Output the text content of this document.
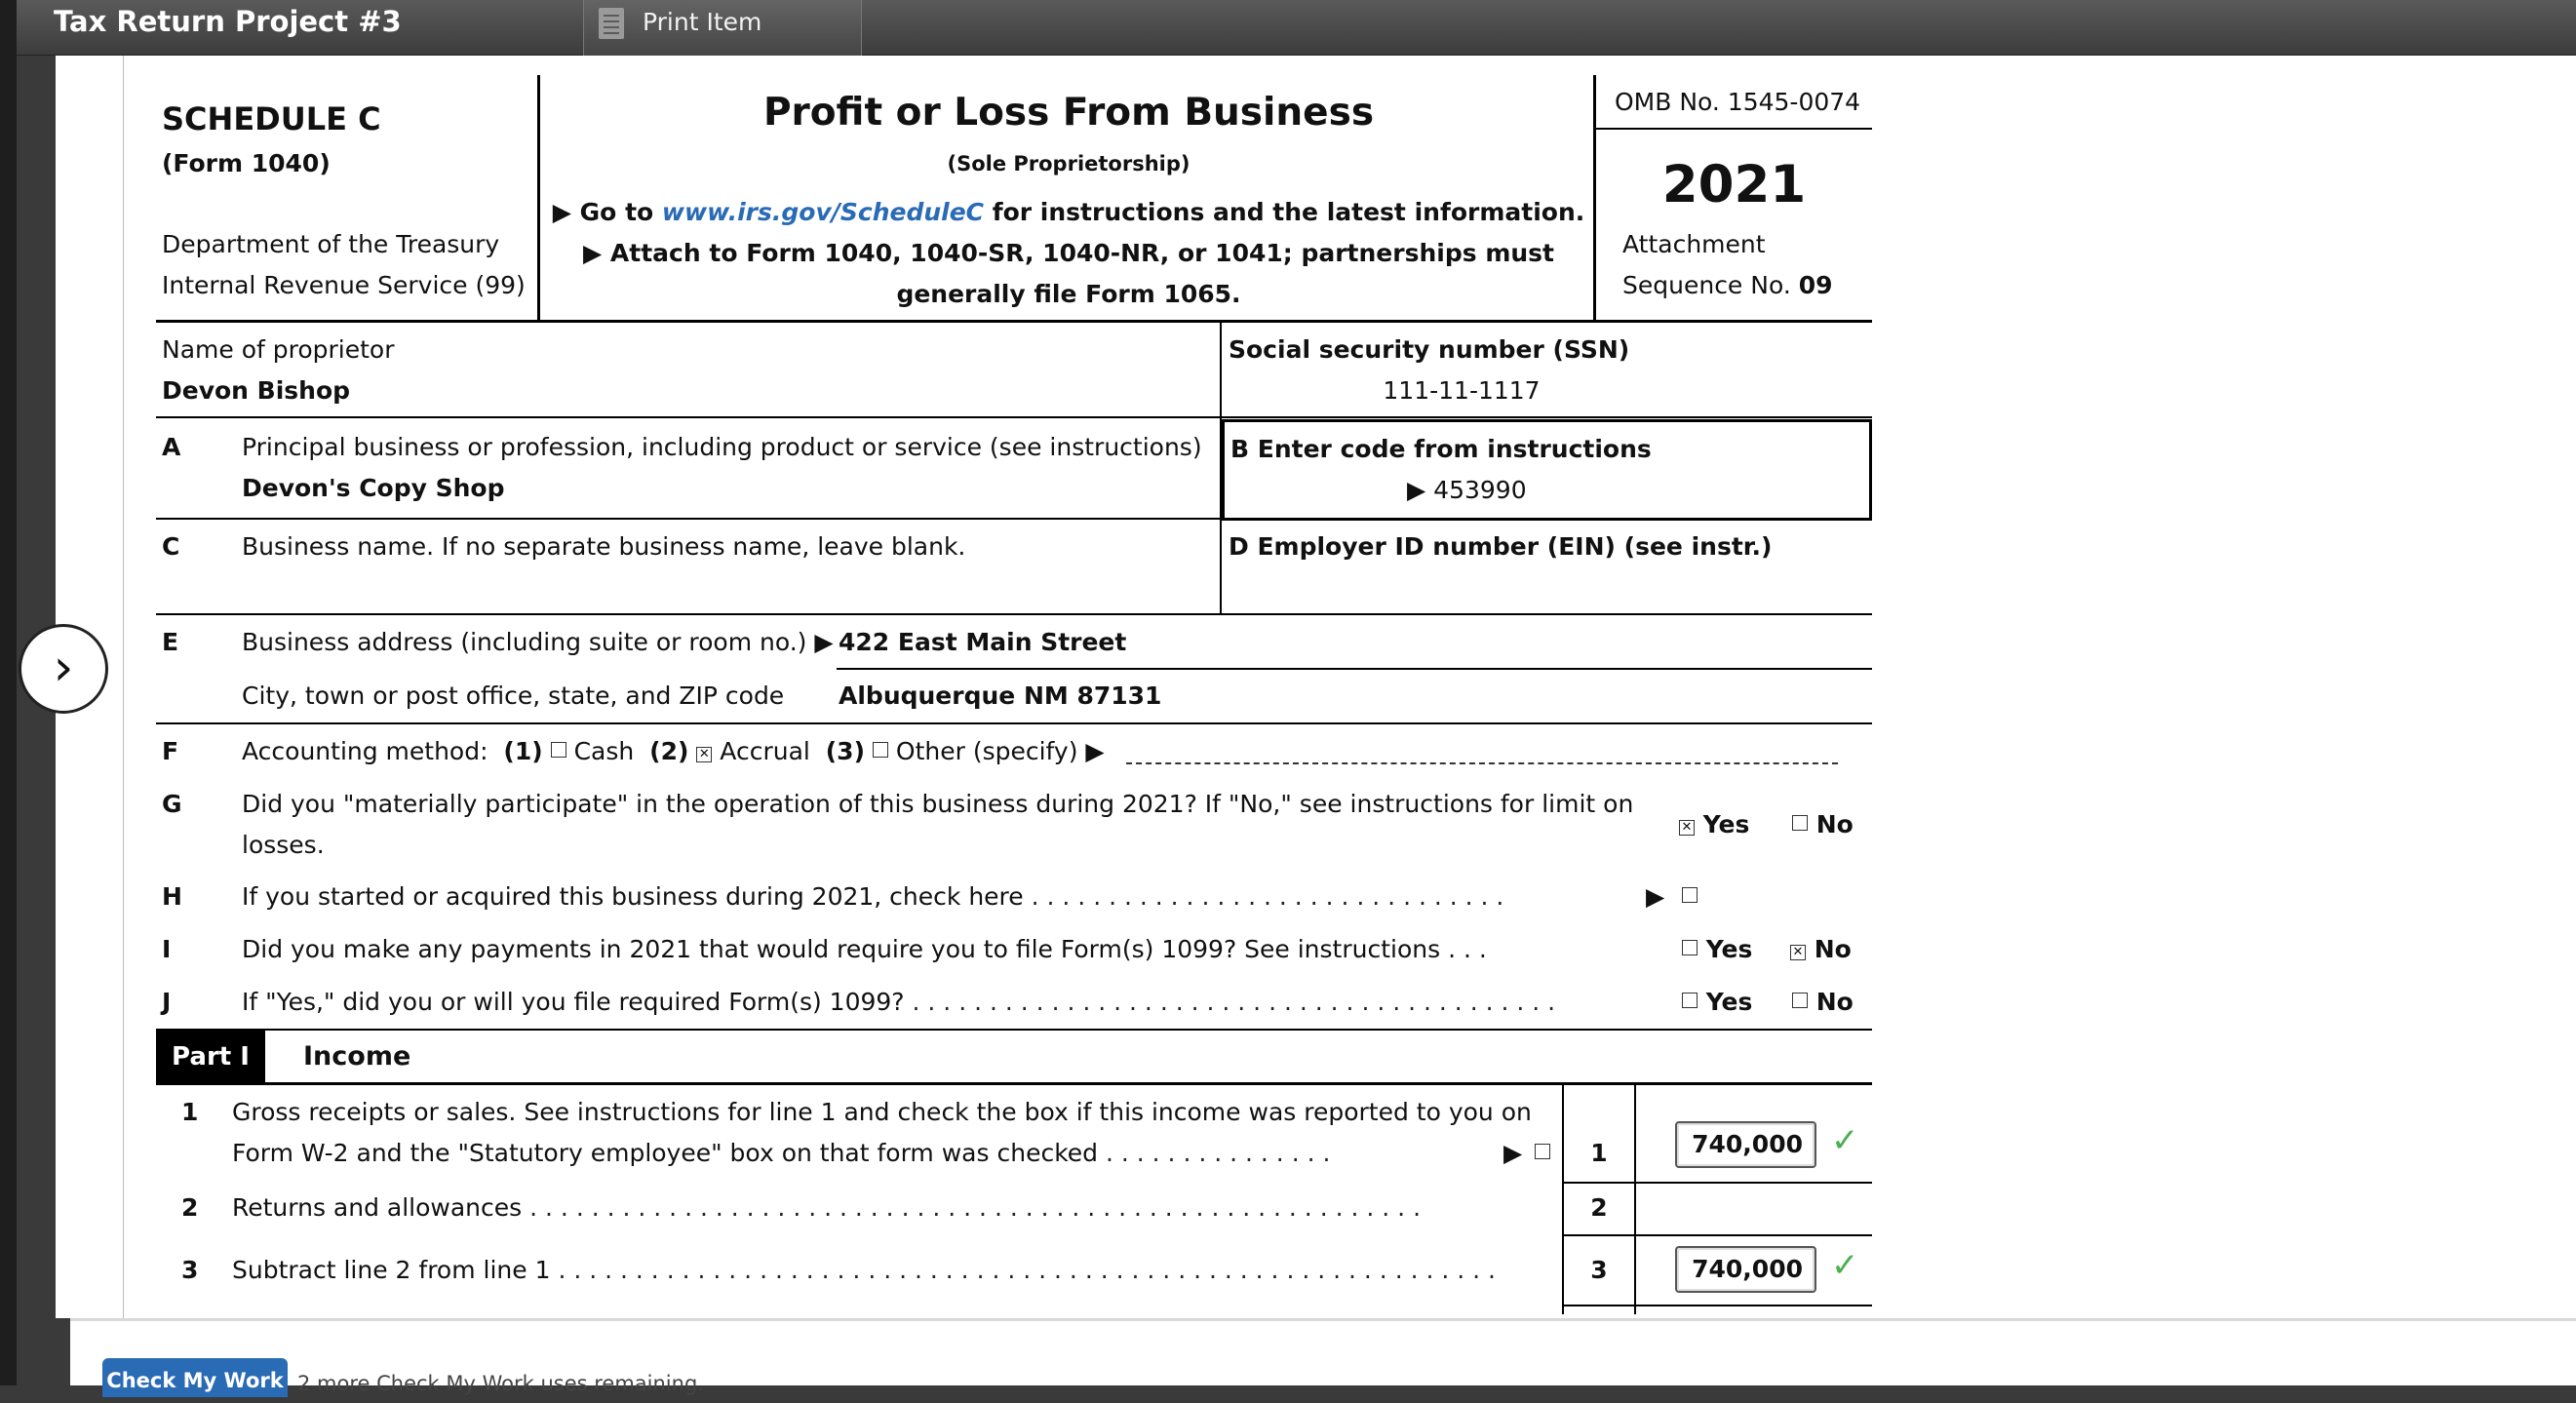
Tax Return Project #3	Print Item
SCHEDULE C
(Form 1040)
Department of the Treasury
Internal Revenue Service (99)
Profit or Loss From Business
(Sole Proprietorship)
▶ Go to www.irs.gov/ScheduleC for instructions and the latest information.
▶ Attach to Form 1040, 1040-SR, 1040-NR, or 1041; partnerships must
generally file Form 1065.
OMB No. 1545-0074
2021
Attachment
Sequence No. 09
Name of proprietor
Devon Bishop
Social security number (SSN)
111-11-1117
A	Principal business or profession, including product or service (see instructions)
Devon's Copy Shop
B Enter code from instructions
▶ 453990
C	Business name. If no separate business name, leave blank.	D Employer ID number (EIN) (see instr.)
E	Business address (including suite or room no.) ▶ 422 East Main Street
City, town or post office, state, and ZIP code Albuquerque NM 87131
F	Accounting method: (1) Cash (2) ✕ Accrual (3) Other (specify) ▶
G Did you "materially participate" in the operation of this business during 2021? If "No," see instructions for limit on
losses.
✕ Yes	No
H If you started or acquired this business during 2021, check here . . . . . . . . . . . . . . . . . . . . . . . . . . . . . . .	▶
I	Did you make any payments in 2021 that would require you to file Form(s) 1099? See instructions . . .	Yes	✕ No
J	If "Yes," did you or will you file required Form(s) 1099? . . . . . . . . . . . . . . . . . . . . . . . . . . . . . . . . . . . . . . . . . .	Yes	No
Part I	Income
1 Gross receipts or sales. See instructions for line 1 and check the box if this income was reported to you on
Form W-2 and the "Statutory employee" box on that form was checked . . . . . . . . . . . . . . .	▶	1	740,000 ✓
2 Returns and allowances . . . . . . . . . . . . . . . . . . . . . . . . . . . . . . . . . . . . . . . . . . . . . . . . . . . . . . . . . .	2
3 Subtract line 2 from line 1 . . . . . . . . . . . . . . . . . . . . . . . . . . . . . . . . . . . . . . . . . . . . . . . . . . . . . . . . . . . . .	3	740,000 ✓
›
Check My Work 2 more Check My Work uses remaining.
